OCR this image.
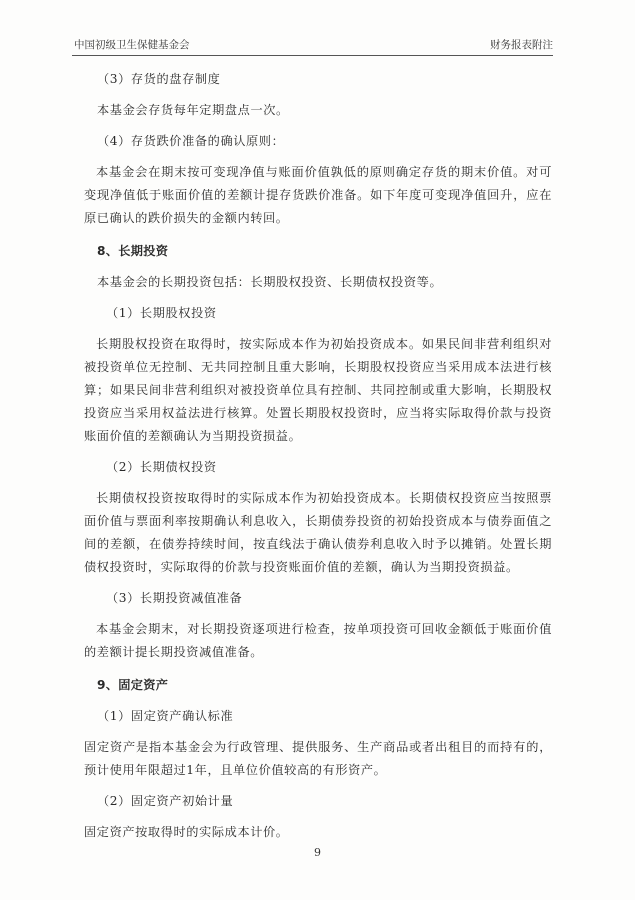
中国初级卫生保健基金会	财务报表附注

（3）存货的盘存制度

本基金会存货每年定期盘点一次。

（4）存货跌价准备的确认原则：

本基金会在期末按可变现净值与账面价值孰低的原则确定存货的期末价值。对可变现净值低于账面价值的差额计提存货跌价准备。如下年度可变现净值回升，应在原已确认的跌价损失的金额内转回。

8、长期投资

本基金会的长期投资包括：长期股权投资、长期债权投资等。

（1）长期股权投资

长期股权投资在取得时，按实际成本作为初始投资成本。如果民间非营利组织对被投资单位无控制、无共同控制且重大影响，长期股权投资应当采用成本法进行核算；如果民间非营利组织对被投资单位具有控制、共同控制或重大影响，长期股权投资应当采用权益法进行核算。处置长期股权投资时，应当将实际取得价款与投资账面价值的差额确认为当期投资损益。

（2）长期债权投资

长期债权投资按取得时的实际成本作为初始投资成本。长期债权投资应当按照票面价值与票面利率按期确认利息收入，长期债券投资的初始投资成本与债券面值之间的差额，在债券持续时间，按直线法于确认债券利息收入时予以摊销。处置长期债权投资时，实际取得的价款与投资账面价值的差额，确认为当期投资损益。

（3）长期投资减值准备

本基金会期末，对长期投资逐项进行检查，按单项投资可回收金额低于账面价值的差额计提长期投资减值准备。

9、固定资产

（1）固定资产确认标准

固定资产是指本基金会为行政管理、提供服务、生产商品或者出租目的而持有的，预计使用年限超过1年，且单位价值较高的有形资产。

（2）固定资产初始计量

固定资产按取得时的实际成本计价。

9
